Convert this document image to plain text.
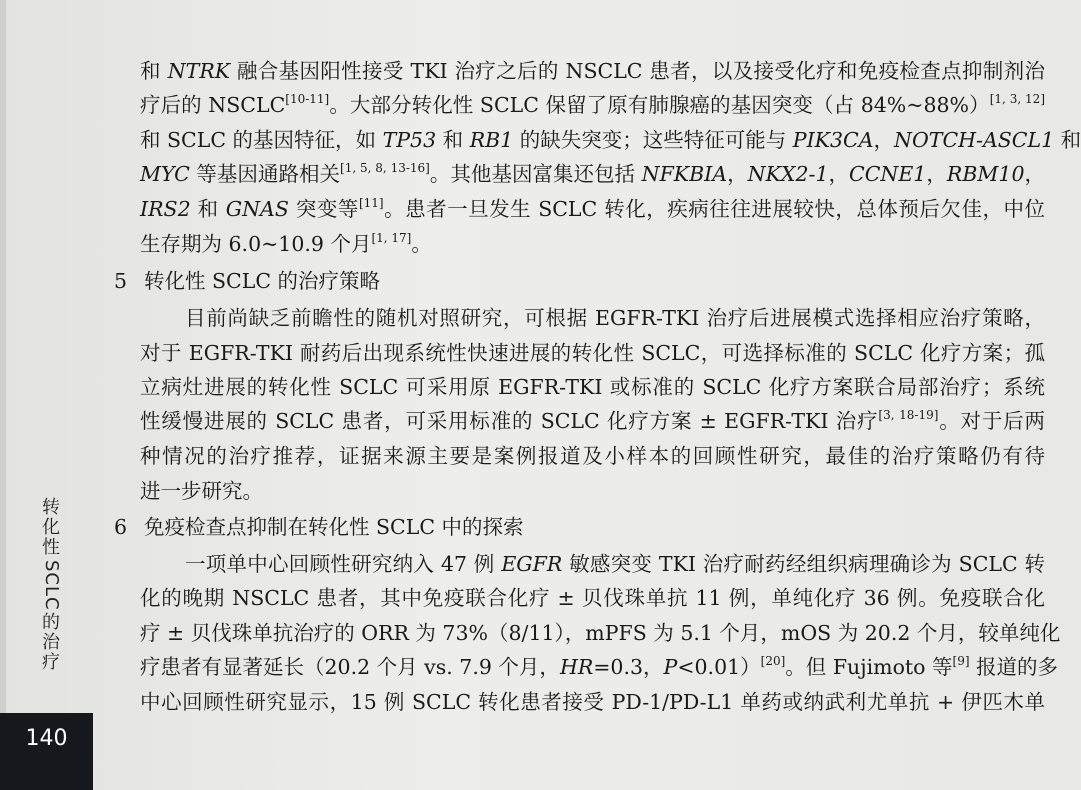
和 NTRK 融合基因阳性接受 TKI 治疗之后的 NSCLC 患者，以及接受化疗和免疫检查点抑制剂治
疗后的 NSCLC[10-11]。大部分转化性 SCLC 保留了原有肺腺癌的基因突变（占 84%~88%）[1, 3, 12]
和 SCLC 的基因特征，如 TP53 和 RB1 的缺失突变；这些特征可能与 PIK3CA，NOTCH-ASCL1 和
MYC 等基因通路相关[1, 5, 8, 13-16]。其他基因富集还包括 NFKBIA，NKX2-1，CCNE1，RBM10，
IRS2 和 GNAS 突变等[11]。患者一旦发生 SCLC 转化，疾病往往进展较快，总体预后欠佳，中位
生存期为 6.0~10.9 个月[1, 17]。
5 转化性 SCLC 的治疗策略
目前尚缺乏前瞻性的随机对照研究，可根据 EGFR-TKI 治疗后进展模式选择相应治疗策略，
对于 EGFR-TKI 耐药后出现系统性快速进展的转化性 SCLC，可选择标准的 SCLC 化疗方案；孤
立病灶进展的转化性 SCLC 可采用原 EGFR-TKI 或标准的 SCLC 化疗方案联合局部治疗；系统
性缓慢进展的 SCLC 患者，可采用标准的 SCLC 化疗方案 ± EGFR-TKI 治疗[3, 18-19]。对于后两
种情况的治疗推荐，证据来源主要是案例报道及小样本的回顾性研究，最佳的治疗策略仍有待
进一步研究。
6 免疫检查点抑制在转化性 SCLC 中的探索
一项单中心回顾性研究纳入 47 例 EGFR 敏感突变 TKI 治疗耐药经组织病理确诊为 SCLC 转
化的晚期 NSCLC 患者，其中免疫联合化疗 ± 贝伐珠单抗 11 例，单纯化疗 36 例。免疫联合化
疗 ± 贝伐珠单抗治疗的 ORR 为 73%（8/11），mPFS 为 5.1 个月，mOS 为 20.2 个月，较单纯化
疗患者有显著延长（20.2 个月 vs. 7.9 个月，HR=0.3，P<0.01）[20]。但 Fujimoto 等[9] 报道的多
中心回顾性研究显示，15 例 SCLC 转化患者接受 PD-1/PD-L1 单药或纳武利尤单抗 + 伊匹木单
转
化
性
SCLC
的
治
疗
140
